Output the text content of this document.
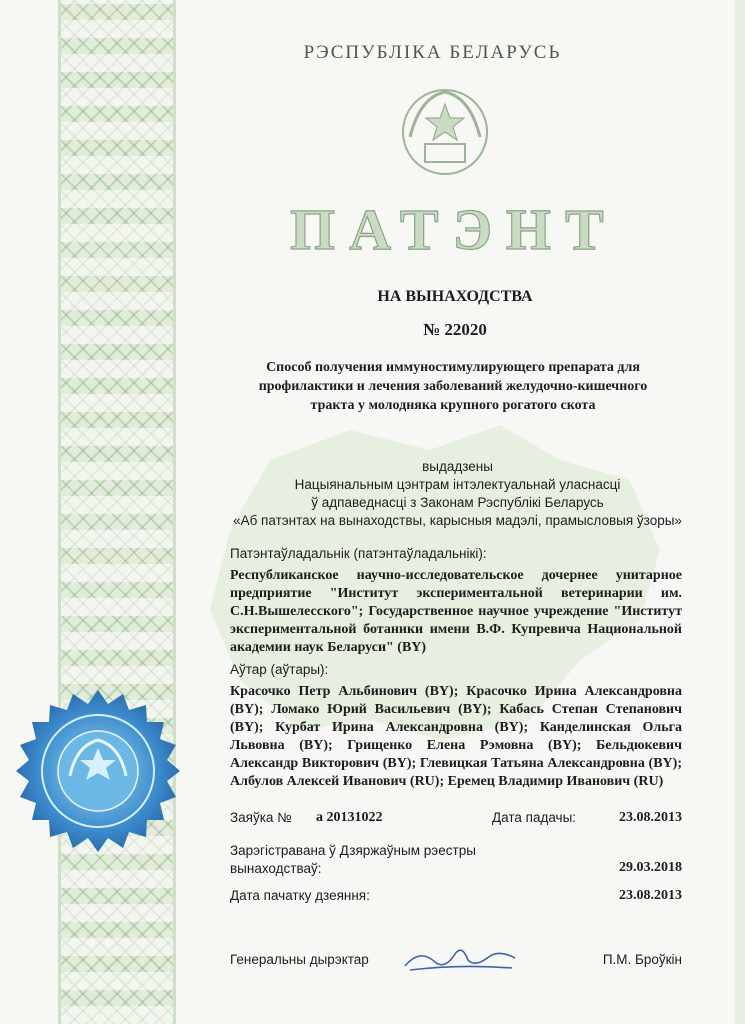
РЭСПУБЛІКА БЕЛАРУСЬ
ПАТЭНТ
НА ВЫНАХОДСТВА
№ 22020
Способ получения иммуностимулирующего препарата для
профилактики и лечения заболеваний желудочно-кишечного
тракта у молодняка крупного рогатого скота
выдадзены
Нацыянальным цэнтрам інтэлектуальнай уласнасці
ў адпаведнасці з Законам Рэспублікі Беларусь
«Аб патэнтах на вынаходствы, карысныя мадэлі, прамысловыя ўзоры»
Патэнтаўладальнік (патэнтаўладальнікі):
Республиканское научно-исследовательское дочернее унитарное предприятие "Институт экспериментальной ветеринарии им. С.Н.Вышелесского"; Государственное научное учреждение "Институт экспериментальной ботаники имени В.Ф. Купревича Национальной академии наук Беларуси" (BY)
Аўтар (аўтары):
Красочко Петр Альбинович (BY); Красочко Ирина Александровна (BY); Ломако Юрий Васильевич (BY); Кабась Степан Степанович (BY); Курбат Ирина Александровна (BY); Канделинская Ольга Львовна (BY); Грищенко Елена Рэмовна (BY); Бельдюкевич Александр Викторович (BY); Глевицкая Татьяна Александровна (BY); Албулов Алексей Иванович (RU); Еремец Владимир Иванович (RU)
Заяўка № а 20131022	Дата падачы:	23.08.2013
Зарэгістравана ў Дзяржаўным рэестры
вынаходстваў:	29.03.2018
Дата пачатку дзеяння:	23.08.2013
Генеральны дырэктар	П.М. Броўкін
